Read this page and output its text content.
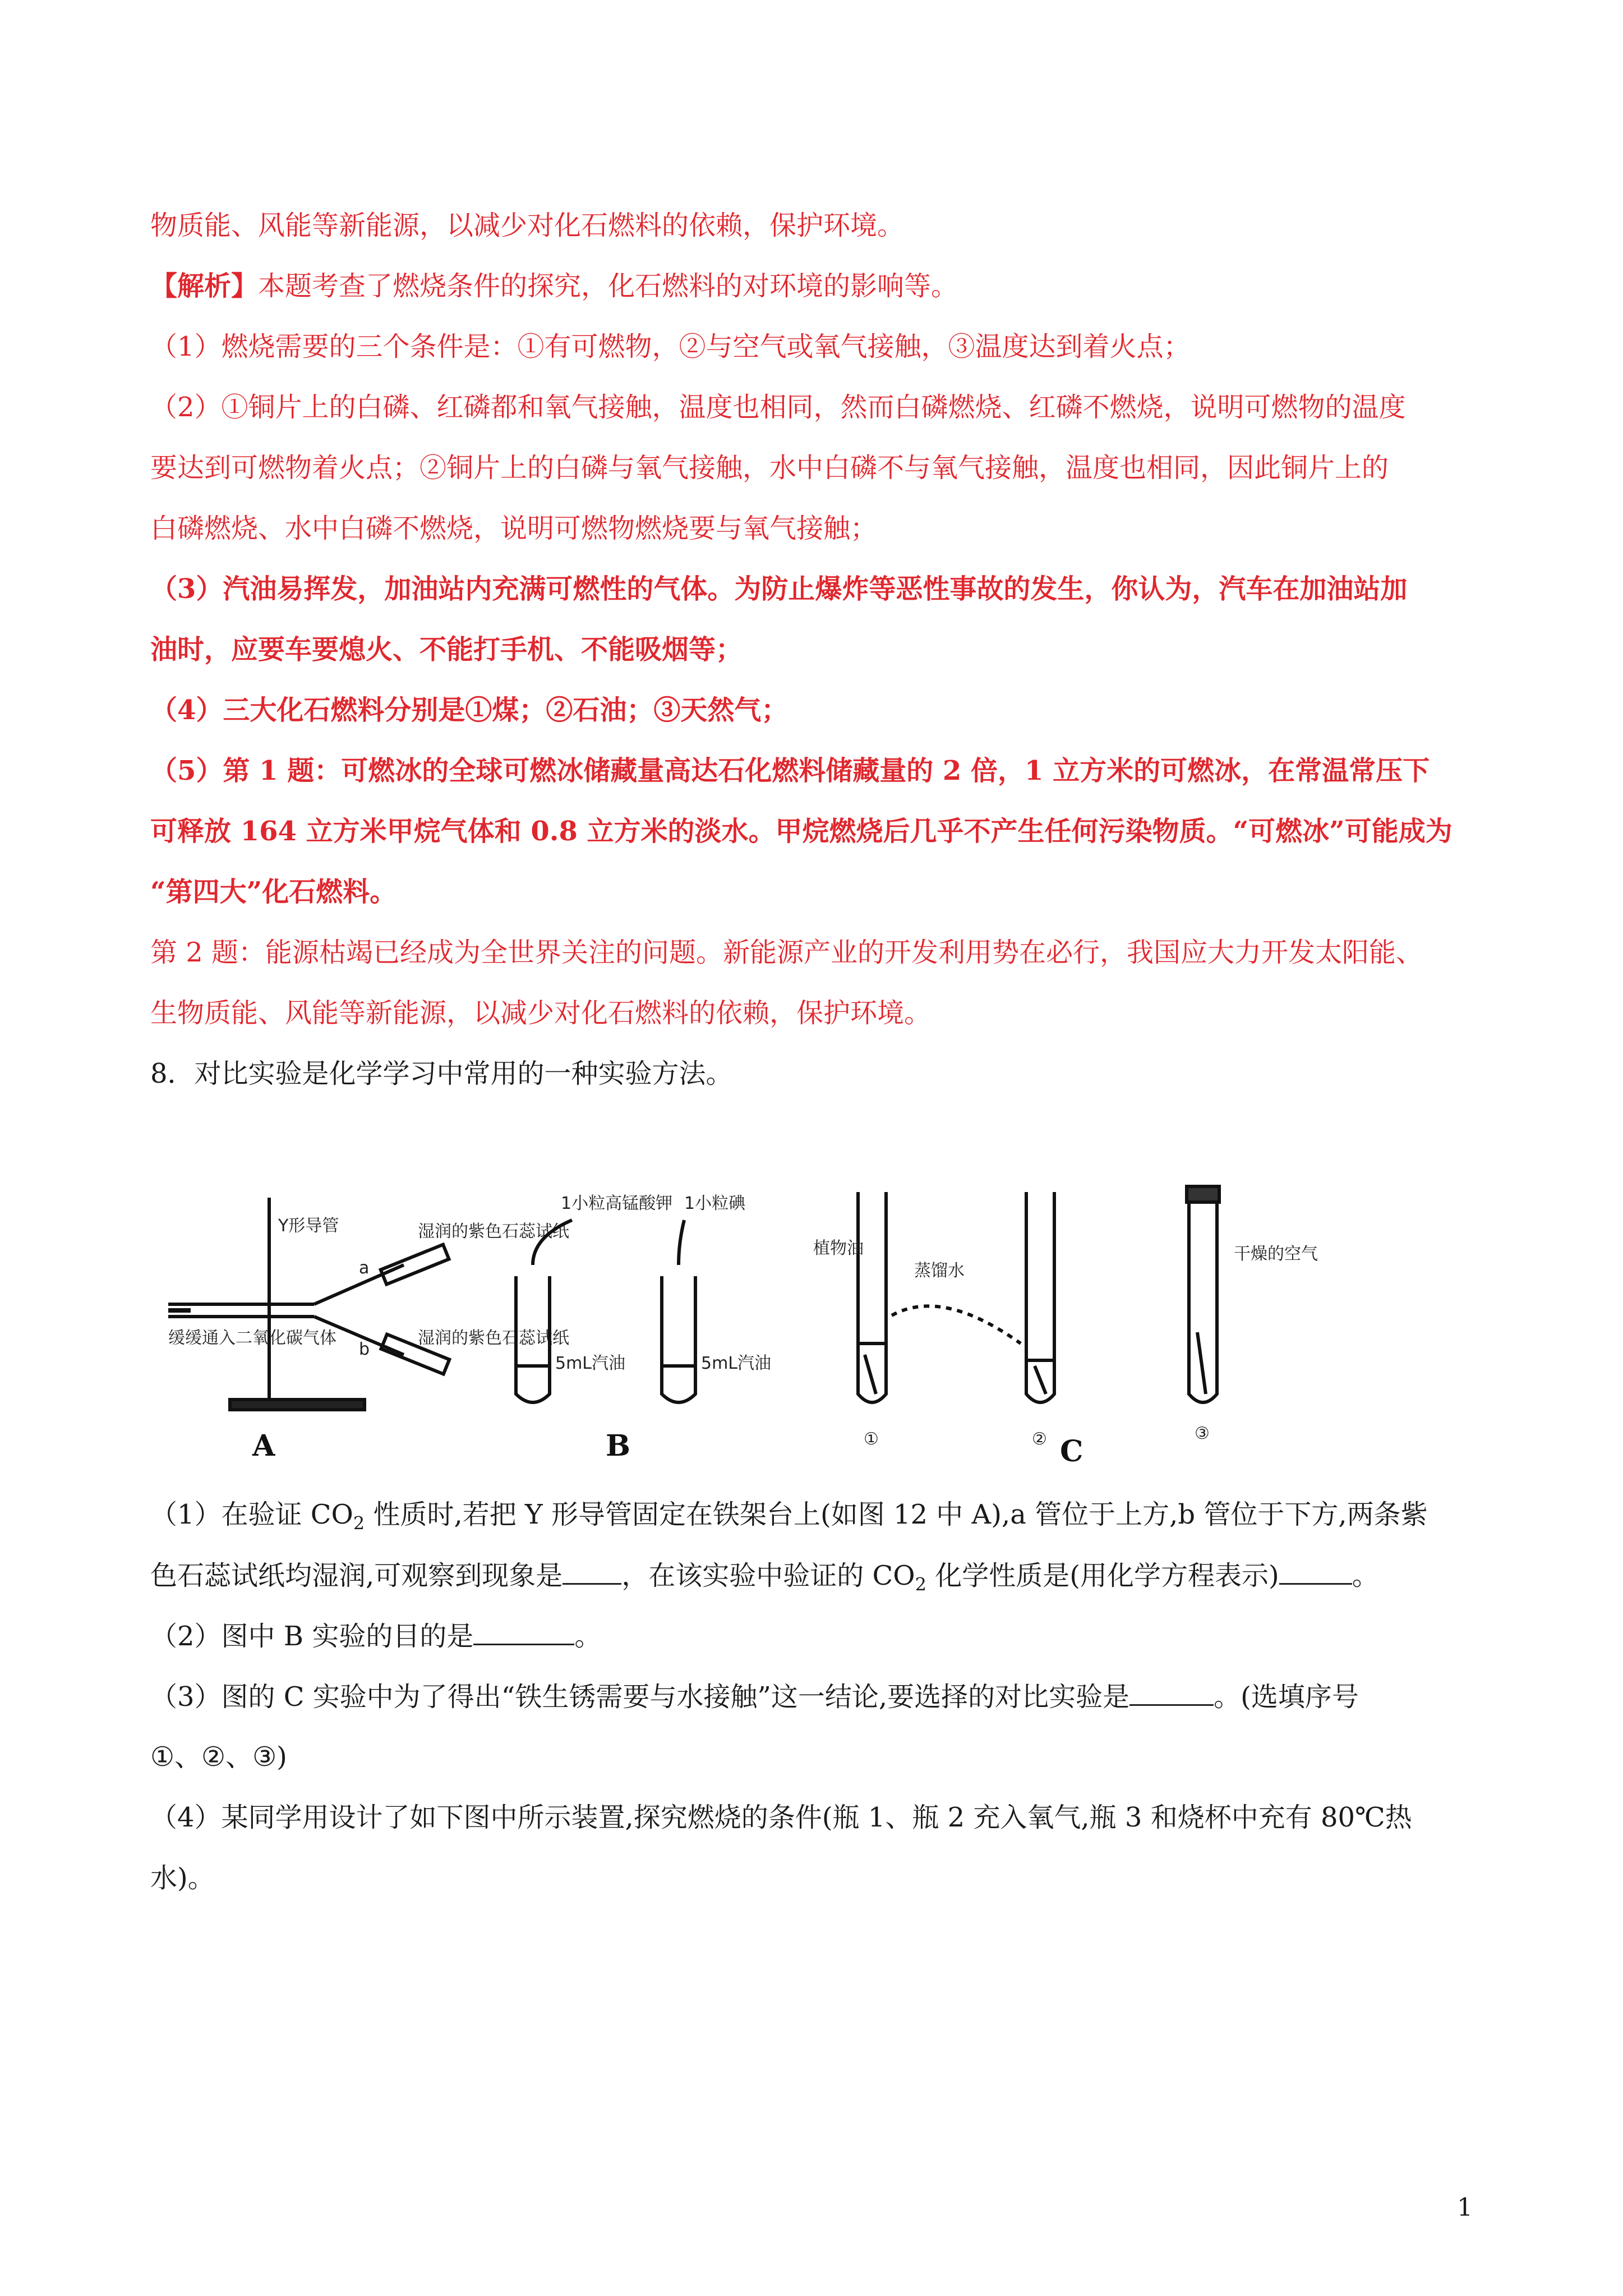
物质能、风能等新能源，以减少对化石燃料的依赖，保护环境。

【解析】本题考查了燃烧条件的探究，化石燃料的对环境的影响等。

（1）燃烧需要的三个条件是：①有可燃物，②与空气或氧气接触，③温度达到着火点；

（2）①铜片上的白磷、红磷都和氧气接触，温度也相同，然而白磷燃烧、红磷不燃烧，说明可燃物的温度

要达到可燃物着火点；②铜片上的白磷与氧气接触，水中白磷不与氧气接触，温度也相同，因此铜片上的

白磷燃烧、水中白磷不燃烧，说明可燃物燃烧要与氧气接触；

（3）汽油易挥发，加油站内充满可燃性的气体。为防止爆炸等恶性事故的发生，你认为，汽车在加油站加

油时，应要车要熄火、不能打手机、不能吸烟等；

（4）三大化石燃料分别是①煤；②石油；③天然气；

（5）第 1 题：可燃冰的全球可燃冰储藏量高达石化燃料储藏量的 2 倍，1 立方米的可燃冰，在常温常压下

可释放 164 立方米甲烷气体和 0.8 立方米的淡水。甲烷燃烧后几乎不产生任何污染物质。“可燃冰”可能成为

“第四大”化石燃料。

第 2 题：能源枯竭已经成为全世界关注的问题。新能源产业的开发利用势在必行，我国应大力开发太阳能、

生物质能、风能等新能源，以减少对化石燃料的依赖，保护环境。

8．对比实验是化学学习中常用的一种实验方法。

Y形导管
a
b
湿润的紫色石蕊试纸
湿润的紫色石蕊试纸
缓缓通入二氧化碳气体
A
1小粒高锰酸钾 1小粒碘
5mL汽油	5mL汽油
B
植物油
蒸馏水
干燥的空气
①	②	③
C

（1）在验证 $CO_2$ 性质时,若把 Y 形导管固定在铁架台上(如图 12 中 A),a 管位于上方,b 管位于下方,两条紫

色石蕊试纸均湿润,可观察到现象是 ，在该实验中验证的 $CO_2$ 化学性质是(用化学方程表示)	。

（2）图中 B 实验的目的是	。

（3）图的 C 实验中为了得出“铁生锈需要与水接触”这一结论,要选择的对比实验是	。(选填序号

①、②、③)

（4）某同学用设计了如下图中所示装置,探究燃烧的条件(瓶 1、瓶 2 充入氧气,瓶 3 和烧杯中充有 80℃热

水)。

1
